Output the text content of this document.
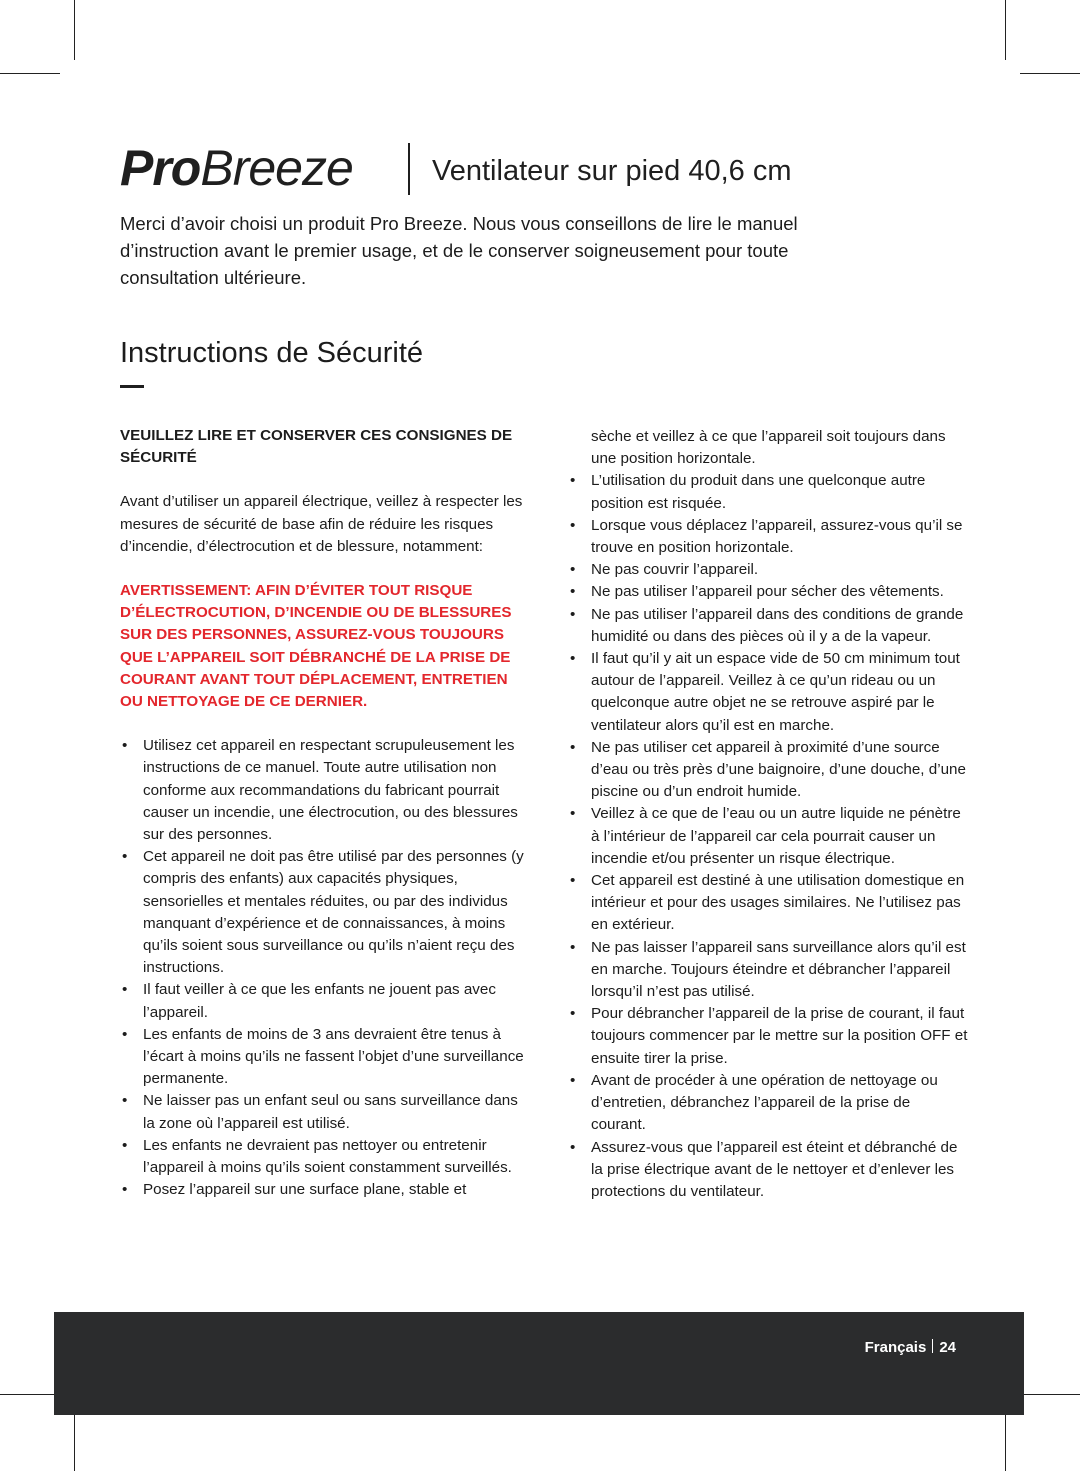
ProBreeze	Ventilateur sur pied 40,6 cm

Merci d’avoir choisi un produit Pro Breeze. Nous vous conseillons de lire le manuel d’instruction avant le premier usage, et de le conserver soigneusement pour toute consultation ultérieure.

Instructions de Sécurité

VEUILLEZ LIRE ET CONSERVER CES CONSIGNES DE SÉCURITÉ

Avant d’utiliser un appareil électrique, veillez à respecter les mesures de sécurité de base afin de réduire les risques d’incendie, d’électrocution et de blessure, notamment:

AVERTISSEMENT: AFIN D’ÉVITER TOUT RISQUE D’ÉLECTROCUTION, D’INCENDIE OU DE BLESSURES SUR DES PERSONNES, ASSUREZ-VOUS TOUJOURS QUE L’APPAREIL SOIT DÉBRANCHÉ DE LA PRISE DE COURANT AVANT TOUT DÉPLACEMENT, ENTRETIEN OU NETTOYAGE DE CE DERNIER.

• Utilisez cet appareil en respectant scrupuleusement les instructions de ce manuel. Toute autre utilisation non conforme aux recommandations du fabricant pourrait causer un incendie, une électrocution, ou des blessures sur des personnes.
• Cet appareil ne doit pas être utilisé par des personnes (y compris des enfants) aux capacités physiques, sensorielles et mentales réduites, ou par des individus manquant d’expérience et de connaissances, à moins qu’ils soient sous surveillance ou qu’ils n’aient reçu des instructions.
• Il faut veiller à ce que les enfants ne jouent pas avec l’appareil.
• Les enfants de moins de 3 ans devraient être tenus à l’écart à moins qu’ils ne fassent l’objet d’une surveillance permanente.
• Ne laisser pas un enfant seul ou sans surveillance dans la zone où l’appareil est utilisé.
• Les enfants ne devraient pas nettoyer ou entretenir l’appareil à moins qu’ils soient constamment surveillés.
• Posez l’appareil sur une surface plane, stable et
sèche et veillez à ce que l’appareil soit toujours dans une position horizontale.
• L’utilisation du produit dans une quelconque autre position est risquée.
• Lorsque vous déplacez l’appareil, assurez-vous qu’il se trouve en position horizontale.
• Ne pas couvrir l’appareil.
• Ne pas utiliser l’appareil pour sécher des vêtements.
• Ne pas utiliser l’appareil dans des conditions de grande humidité ou dans des pièces où il y a de la vapeur.
• Il faut qu’il y ait un espace vide de 50 cm minimum tout autour de l’appareil. Veillez à ce qu’un rideau ou un quelconque autre objet ne se retrouve aspiré par le ventilateur alors qu’il est en marche.
• Ne pas utiliser cet appareil à proximité d’une source d’eau ou très près d’une baignoire, d’une douche, d’une piscine ou d’un endroit humide.
• Veillez à ce que de l’eau ou un autre liquide ne pénètre à l’intérieur de l’appareil car cela pourrait causer un incendie et/ou présenter un risque électrique.
• Cet appareil est destiné à une utilisation domestique en intérieur et pour des usages similaires. Ne l’utilisez pas en extérieur.
• Ne pas laisser l’appareil sans surveillance alors qu’il est en marche. Toujours éteindre et débrancher l’appareil lorsqu’il n’est pas utilisé.
• Pour débrancher l’appareil de la prise de courant, il faut toujours commencer par le mettre sur la position OFF et ensuite tirer la prise.
• Avant de procéder à une opération de nettoyage ou d’entretien, débranchez l’appareil de la prise de courant.
• Assurez-vous que l’appareil est éteint et débranché de la prise électrique avant de le nettoyer et d’enlever les protections du ventilateur.
Français 24
